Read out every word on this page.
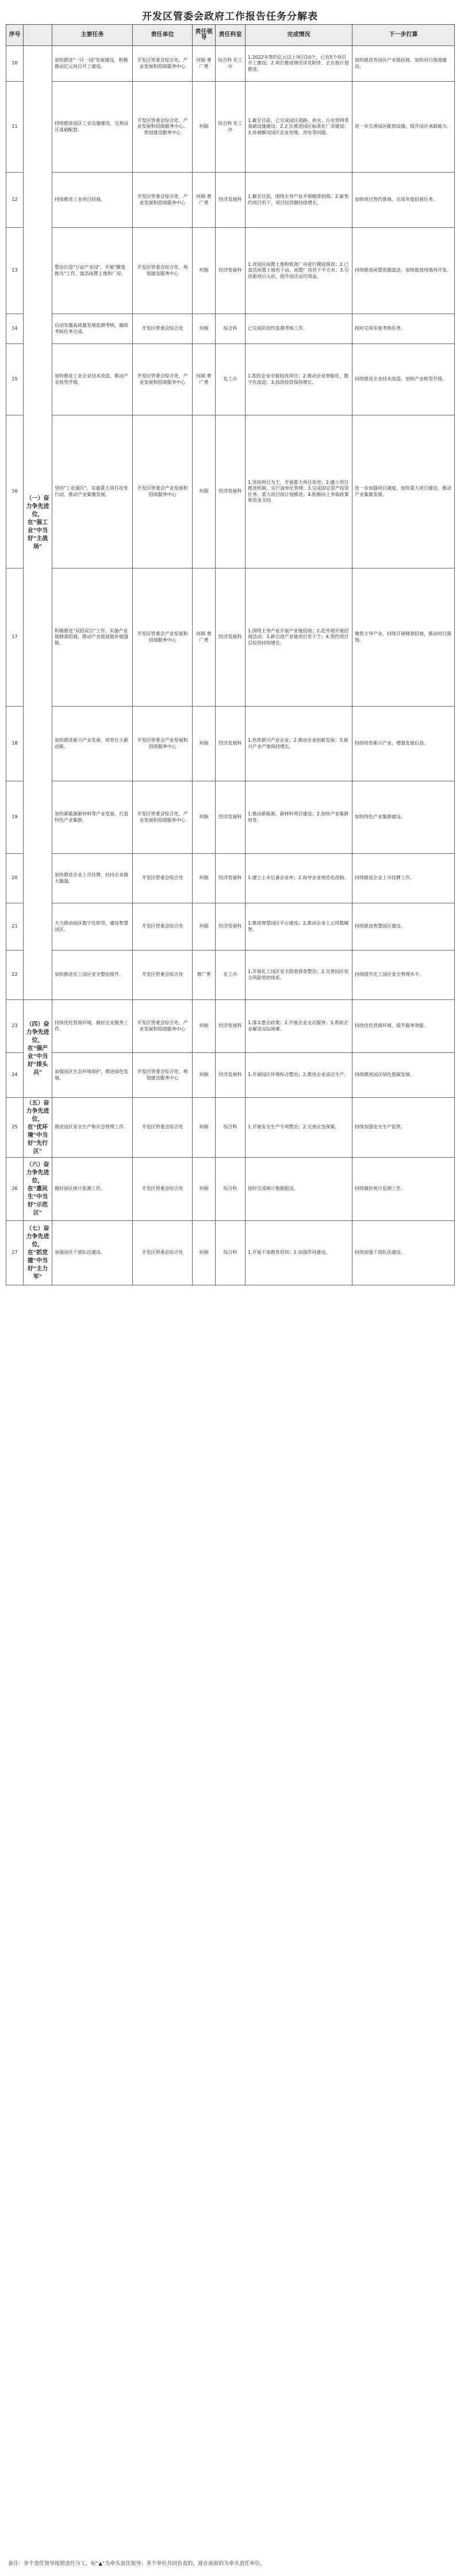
开发区管委会政府工作报告任务分解表
序号		主要任务	责任单位	责任领导	责任科室	完成情况	下一步打算
10	（一）奋力争先进位，在"强工业"中当好"主战场"	加快推进"一区一园"发展建设，积极推动亿元项目开工建设。	开发区管委会综合处、产业发展和招商服务中心	何娟 曹广勇	综合科 化工办	1.2022年签约亿元以上项目10个，已有5个项目开工建设；2.项目推进情况详见附件，正在按计划推进。	加快推进各园区产业链招商，加快项目落地建设。
11		持续推进园区工业设施建设，完善园区基础配套。	开发区管委会综合处、产业发展和招商服务中心、规划建设服务中心	何娟	综合科 化工办	1.截至目前，已完成园区道路、供水、污水管网等基础设施建设；2.正在推进园区标准化厂房建设；3.协调解决园区企业用地、用电等问题。	进一步完善园区配套设施，提升园区承载能力。
12		持续推进工业项目招商。	开发区管委会综合处、产业发展和招商服务中心	何娟 曹广勇	经济发展科	1.截至目前，围绕主导产业开展精准招商；2.新签约项目若干，项目投资额持续增长。	加快项目签约落地，完成年度招商任务。
13		整治打造"万亩产业园"，开展"腾笼换鸟"工作，盘活闲置土地和厂房。	开发区管委会综合处、规划建设服务中心	何娟	经济发展科	1.对园区闲置土地和低效厂房进行摸底排查；2.已盘活闲置土地若干亩、闲置厂房若干平方米；3.引进新项目入驻，提升园区亩均效益。	持续推进闲置资源盘活，加快低效用地再开发。
14		启动实施高质量发展监测考核，确保考核任务完成。	开发区管委会综合处	何娟	综合科	已完成阶段性监测考核工作。	按时完成年度考核任务。
15		加快推进工业企业技术改造，推动产业转型升级。	开发区管委会综合处、产业发展和招商服务中心	何娟 曹广勇	化工办	1.组织企业申报技改项目；2.推动企业智能化、数字化改造；3.技改投资保持增长。	持续推进企业技术改造，加快产业转型升级。
16		坚持"工业强区"，实施重大项目攻坚行动，推动产业集聚发展。	开发区管委会产业发展和招商服务中心	何娟	经济发展科	1.坚持项目为王，开展重大项目攻坚；2.建立项目推进机制，实行清单化管理；3.完成固定资产投资任务，重大项目按计划推进；4.积极向上争取政策和资金支持。	进一步加强项目调度，加快重大项目建设，推动产业集聚发展。
17		积极推进"双招双引"工作，实施产业链精准招商，推动产业链延链补链强链。	开发区管委会产业发展和招商服务中心	何娟 曹广勇	经济发展科	1.围绕主导产业开展产业链招商；2.赴外地开展招商活动；3.新引进产业链项目若干个；4.签约项目总投资持续增长。	聚焦主导产业，持续开展精准招商，推动项目落地。
18		加快推进新兴产业发展，培育壮大新动能。	开发区管委会产业发展和招商服务中心	何娟	经济发展科	1.培育新兴产业企业；2.推动企业创新发展；3.新兴产业产值保持增长。	持续培育新兴产业，增强发展后劲。
19		加快新能源新材料等产业发展，打造特色产业集群。	开发区管委会综合处、产业发展和招商服务中心	何娟	经济发展科	1.推动新能源、新材料项目建设；2.加快产业集群培育。	加快特色产业集群建设。
20		加快推进企业上市挂牌，扶持企业做大做强。	开发区管委会综合处	何娟	经济发展科	1.建立上市后备企业库；2.指导企业规范化改制。	持续推进企业上市挂牌工作。
21		大力推动园区数字化转型，建设智慧园区。	开发区管委会综合处	何娟	经济发展科	1.推进智慧园区平台建设；2.推动企业上云用数赋智。	持续推进智慧园区建设。
22		加快推进化工园区安全整治提升。	开发区管委会综合处	曹广勇	化工办	1.开展化工园区安全隐患排查整治；2.完善园区安全风险管控体系。	持续提升化工园区安全管理水平。
23	（四）奋力争先进位，在"强产业"中当好"排头兵"	持续优化营商环境，做好企业服务工作。	开发区管委会综合处、产业发展和招商服务中心	何娟	经济发展科	1.落实惠企政策；2.开展企业走访服务；3.帮助企业解决实际困难。	持续优化营商环境，提升服务效能。
24		加强园区生态环境保护，推进绿色发展。	开发区管委会综合处、规划建设服务中心	何娟	经济发展科	1.开展园区环境综合整治；2.推进企业清洁生产。	持续推进园区绿色低碳发展。
25	（五）奋力争先进位，在"优环境"中当好"先行区"	推进园区安全生产和应急管理工作。	开发区管委会综合处	何娟	综合科	1.开展安全生产专项整治；2.完善应急预案。	持续加强安全生产监管。
26	（六）奋力争先进位，在"惠民生"中当好"示范区"	做好园区统计监测工作。	开发区管委会综合处	何娟	综合科	按时完成统计数据报送。	持续做好统计监测工作。
27	（七）奋力争先进位，在"抓党建"中当好"主力军"	加强园区干部队伍建设。	开发区管委会综合处	何娟	综合科	1.开展干部教育培训；2.加强作风建设。	持续加强干部队伍建设。
备注：多个责任领导按照责任分工，标"▲"为牵头责任领导；多个单位共同负责的，排在前面的为牵头责任单位。
